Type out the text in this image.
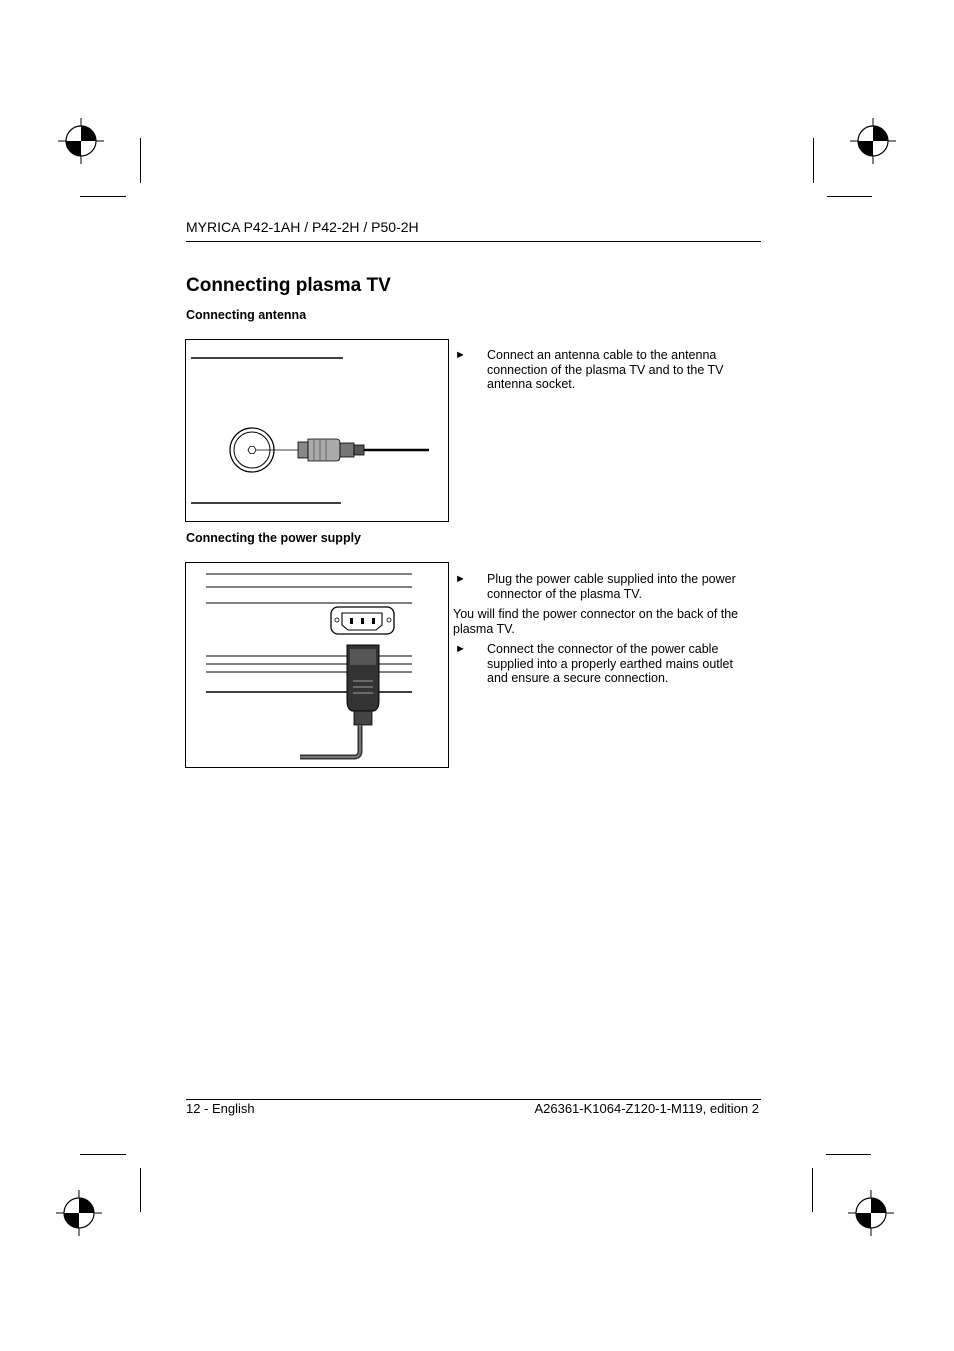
MYRICA P42-1AH / P42-2H / P50-2H
Connecting plasma TV
Connecting antenna
► Connect an antenna cable to the antenna connection of the plasma TV and to the TV antenna socket.
Connecting the power supply
► Plug the power cable supplied into the power connector of the plasma TV.
You will find the power connector on the back of the plasma TV.
► Connect the connector of the power cable supplied into a properly earthed mains outlet and ensure a secure connection.
12 - English	A26361-K1064-Z120-1-M119, edition 2
